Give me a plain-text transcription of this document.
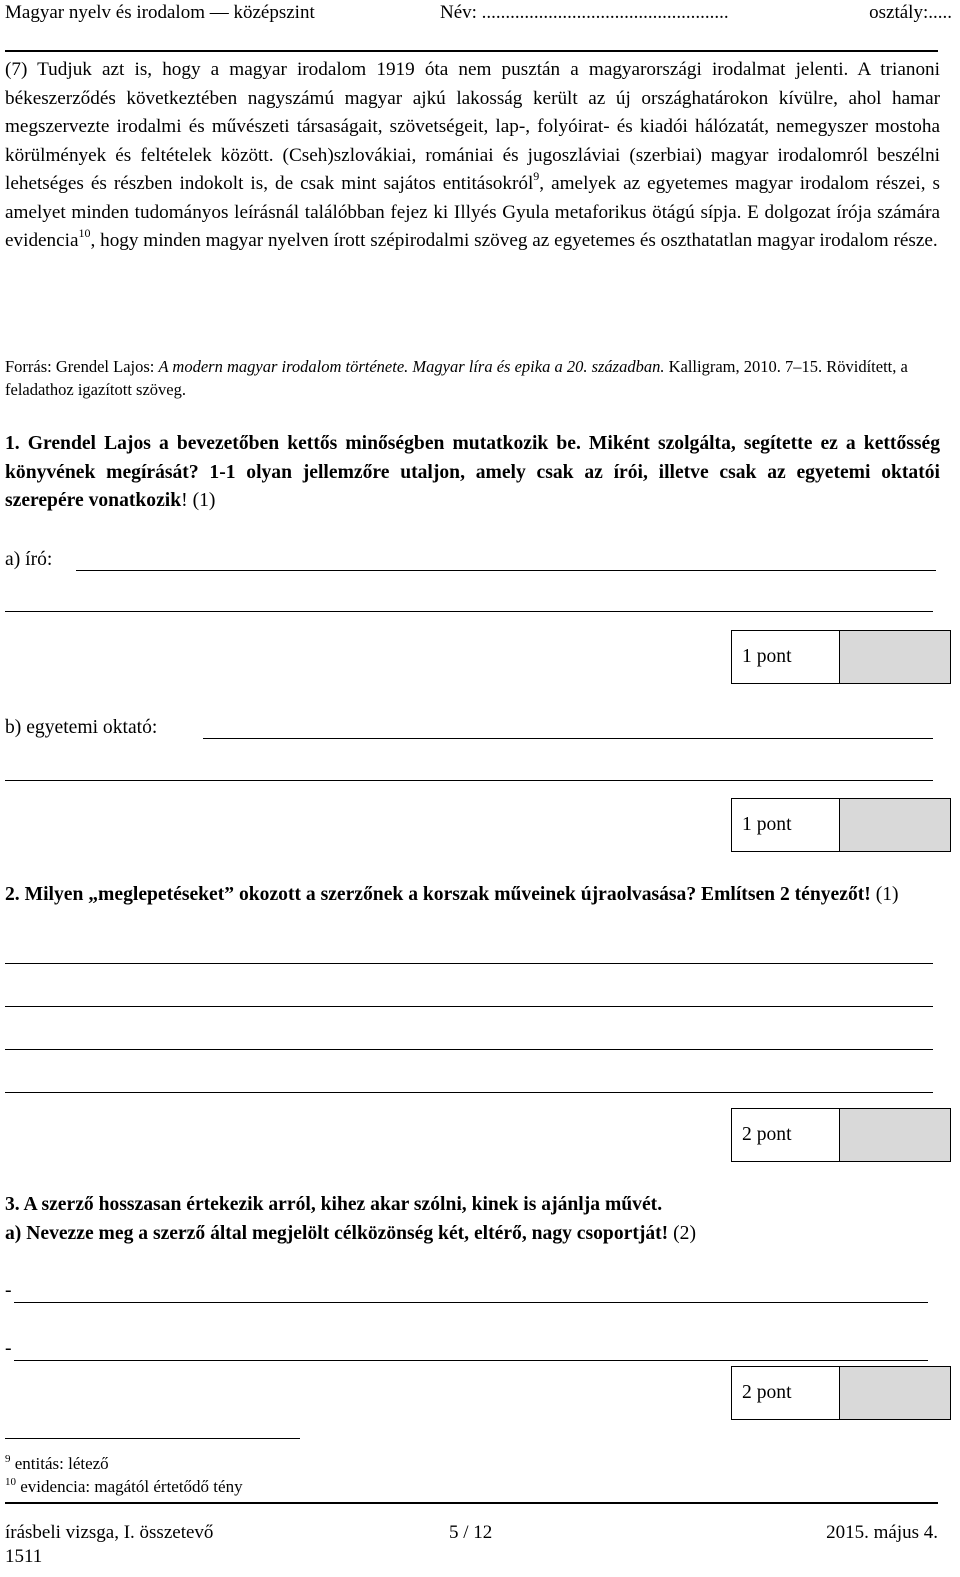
Magyar nyelv és irodalom — középszint	Név: ....................................................	osztály:.....
(7) Tudjuk azt is, hogy a magyar irodalom 1919 óta nem pusztán a magyarországi irodalmat jelenti. A trianoni békeszerződés következtében nagyszámú magyar ajkú lakosság került az új országhatárokon kívülre, ahol hamar megszervezte irodalmi és művészeti társaságait, szövetségeit, lap-, folyóirat- és kiadói hálózatát, nemegyszer mostoha körülmények és feltételek között. (Cseh)szlovákiai, romániai és jugoszláviai (szerbiai) magyar irodalomról beszélni lehetséges és részben indokolt is, de csak mint sajátos entitásokról$^9$, amelyek az egyetemes magyar irodalom részei, s amelyet minden tudományos leírásnál találóbban fejez ki Illyés Gyula metaforikus ötágú sípja. E dolgozat írója számára evidencia$^{10}$, hogy minden magyar nyelven írott szépirodalmi szöveg az egyetemes és oszthatatlan magyar irodalom része.
Forrás: Grendel Lajos: A modern magyar irodalom története. Magyar líra és epika a 20. században. Kalligram, 2010. 7–15. Rövidített, a feladathoz igazított szöveg.
1. Grendel Lajos a bevezetőben kettős minőségben mutatkozik be. Miként szolgálta, segítette ez a kettősség könyvének megírását? 1-1 olyan jellemzőre utaljon, amely csak az írói, illetve csak az egyetemi oktatói szerepére vonatkozik! (1)
a) író:
1 pont
b) egyetemi oktató:
1 pont
2. Milyen „meglepetéseket” okozott a szerzőnek a korszak műveinek újraolvasása? Említsen 2 tényezőt! (1)
2 pont
3. A szerző hosszasan értekezik arról, kihez akar szólni, kinek is ajánlja művét.
a) Nevezze meg a szerző által megjelölt célközönség két, eltérő, nagy csoportját! (2)
-
-
2 pont
$^9$ entitás: létező
$^{10}$ evidencia: magától értetődő tény
írásbeli vizsga, I. összetevő
1511
5 / 12	2015. május 4.
